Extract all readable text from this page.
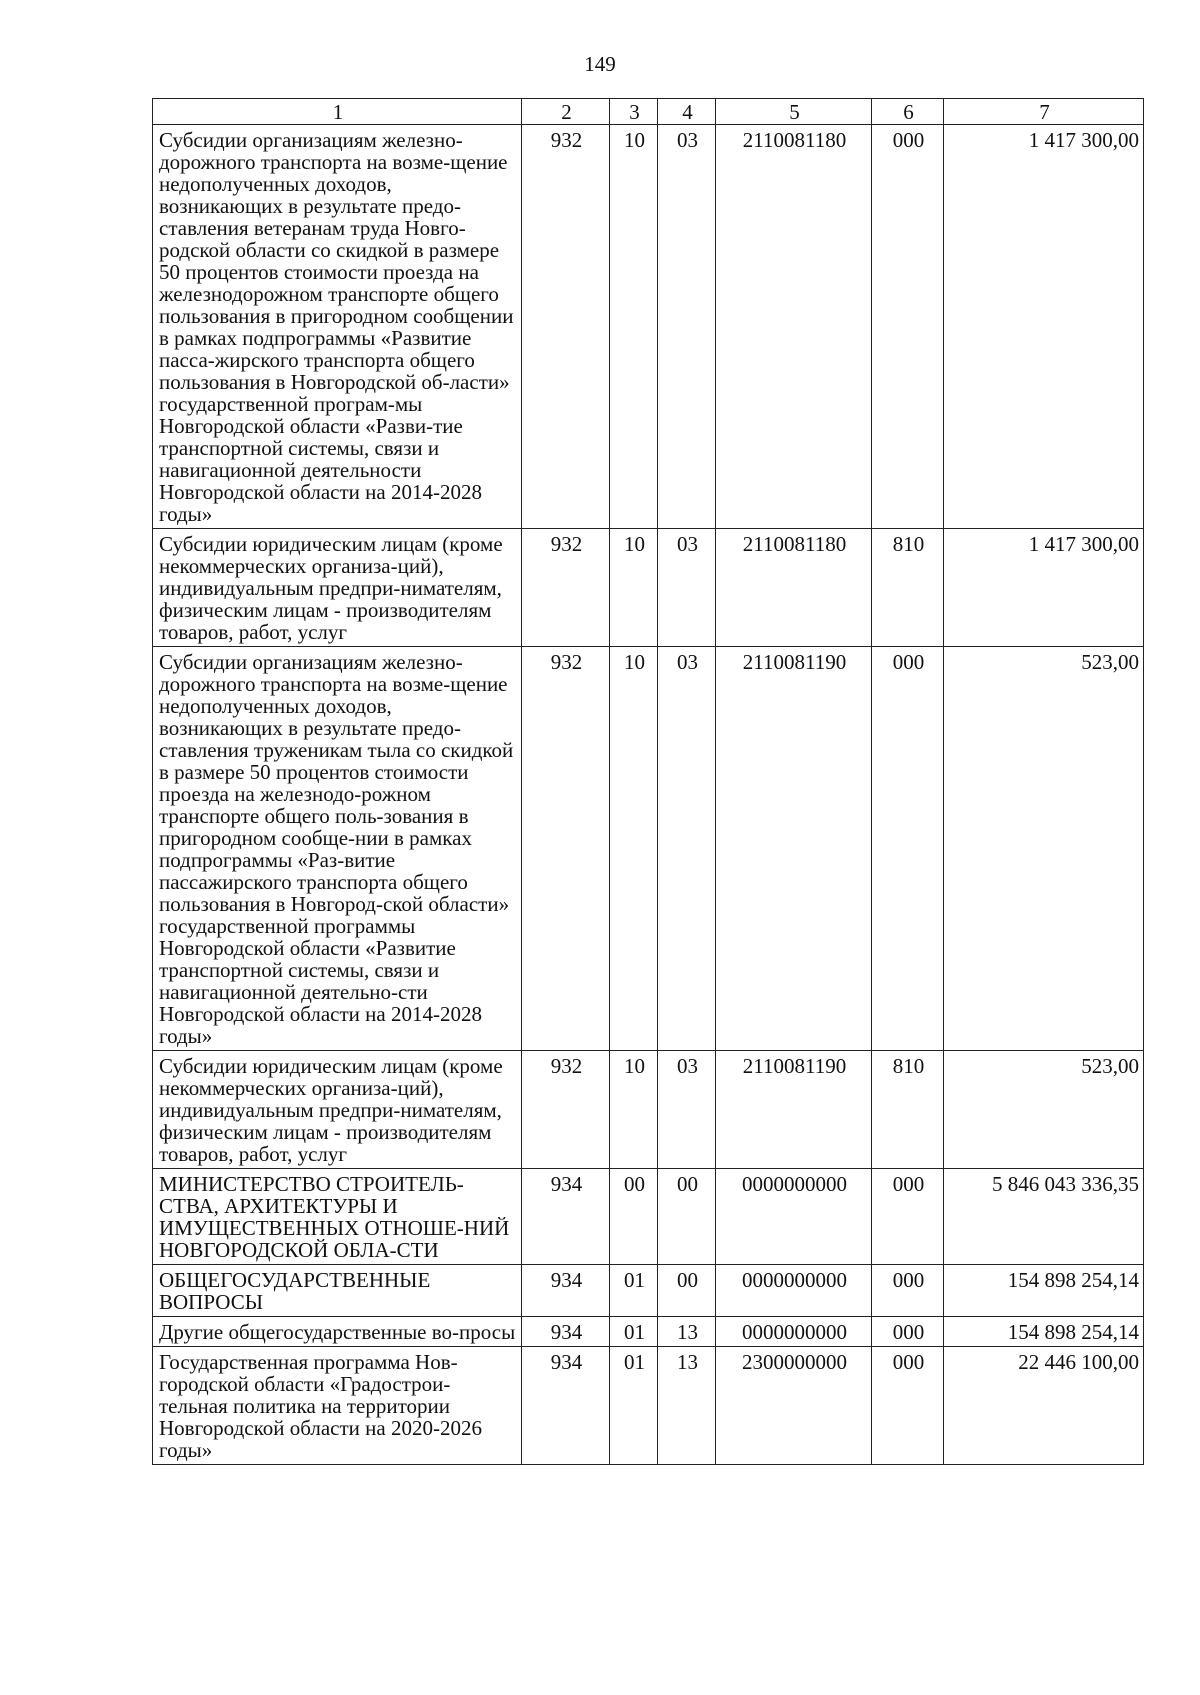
149
1	2	3	4	5	6	7
Субсидии организациям железно-дорожного транспорта на возме-щение недополученных доходов, возникающих в результате предо-ставления ветеранам труда Новго-родской области со скидкой в размере 50 процентов стоимости проезда на железнодорожном транспорте общего пользования в пригородном сообщении в рамках подпрограммы «Развитие пасса-жирского транспорта общего пользования в Новгородской об-ласти» государственной програм-мы Новгородской области «Разви-тие транспортной системы, связи и навигационной деятельности Новгородской области на 2014-2028 годы»	932	10	03	2110081180	000	1 417 300,00
Субсидии юридическим лицам (кроме некоммерческих организа-ций), индивидуальным предпри-нимателям, физическим лицам - производителям товаров, работ, услуг	932	10	03	2110081180	810	1 417 300,00
Субсидии организациям железно-дорожного транспорта на возме-щение недополученных доходов, возникающих в результате предо-ставления труженикам тыла со скидкой в размере 50 процентов стоимости проезда на железнодо-рожном транспорте общего поль-зования в пригородном сообще-нии в рамках подпрограммы «Раз-витие пассажирского транспорта общего пользования в Новгород-ской области» государственной программы Новгородской области «Развитие транспортной системы, связи и навигационной деятельно-сти Новгородской области на 2014-2028 годы»	932	10	03	2110081190	000	523,00
Субсидии юридическим лицам (кроме некоммерческих организа-ций), индивидуальным предпри-нимателям, физическим лицам - производителям товаров, работ, услуг	932	10	03	2110081190	810	523,00
МИНИСТЕРСТВО СТРОИТЕЛЬ-СТВА, АРХИТЕКТУРЫ И ИМУЩЕСТВЕННЫХ ОТНОШЕ-НИЙ НОВГОРОДСКОЙ ОБЛА-СТИ	934	00	00	0000000000	000	5 846 043 336,35
ОБЩЕГОСУДАРСТВЕННЫЕ ВОПРОСЫ	934	01	00	0000000000	000	154 898 254,14
Другие общегосударственные во-просы	934	01	13	0000000000	000	154 898 254,14
Государственная программа Нов-городской области «Градострои-тельная политика на территории Новгородской области на 2020-2026 годы»	934	01	13	2300000000	000	22 446 100,00
